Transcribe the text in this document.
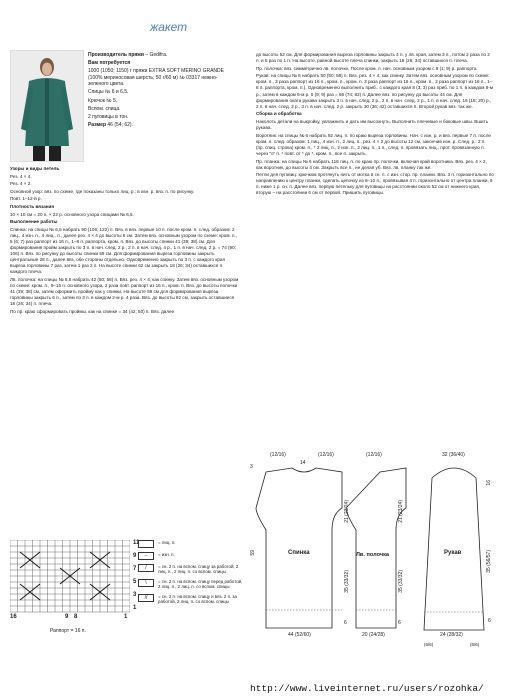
жакет

Производитель пряжи – Gedifra.

Вам потребуется

1000 (1050; 1150) г пряжи EXTRA SOFT MERINO GRANDE (100% мериносовая шерсть; 50 г/60 м) № 03317 нежно-зеленого цвета.

Спицы № 6 и 6,5.

Крючок № 5.

Вспом. спица.

2 пуговицы в тон.

Размер 46 (54; 62).

Узоры и виды петель

Рез. 4 × 4.

Рез. 4 × 2.

Основной узор: вяз. по схеме, где показаны только лиц. р.; в изн. р. вяз. п. по рисунку.

Повт. 1–12-й р.

Плотность вязания

10 × 10 см = 20 п. × 22 р. основного узора спицами № 6,5.

Выполнение работы

Спинка: на спицы № 6,5 набрать 90 (106; 122) п. Вяз. в вяз. первые 10 п. после кром. п. след. образом: 2 лиц., 4 изн. п., 4 лиц., п., далее рез. 4 × 4 до высоты 6 см. Затем вяз. основным узором по схеме: кром. п., 5 (6; 7) раз раппорт из 16 п., 1–8 п. раппорта, кром. п. Вяз. до высоты спинки 41 (39; 38) см. Для формирования пройм закрыть по 3 п. в нач. след. 2 р., 2 п. в нач. след. 4 р., 1 п. в нач. след. 2 р. = 74 (90; 106) п. Вяз. по рисунку до высоты спинки 59 см. Для формирования выреза горловины закрыть центральные 28 п., далее вяз. обе стороны отдельно. Одновременно закрыть по 3 п. с каждого края выреза горловины 7 раз, затем 1 раз 2 п. На высоте спинки 62 см закрыть 18 (26; 34) оставшихся п. каждого плеча.

Лв. полочка: на спицы № 6,5 набрать 42 (50; 58) п. Вяз. рез. 4 × 4, как спинку. Затем вяз. основным узором по схеме: кром. п., 9–16 п. основного узора, 2 раза повт. раппорт из 16 п., кром. п. Вяз. до высоты полочки 41 (39; 38) см, затем оформить пройму как у спинки. На высоте 59 см для формирования выреза горловины закрыть 6 п., затем по 3 п. в каждом 2-м р. 4 раза. Вяз. до высоты 62 см, закрыть оставшиеся 18 (26; 34) п. плеча.

По пр. краю сформировать проймы, как на спинке = 34 (42; 50) п. Вяз. далее

до высоты 52 см. Для формирования выреза горловины закрыть 4 п. у лв. края, затем 3 п., потом 2 раза по 2 п. и 5 раз по 1 п. На высоте, равной высоте плеча спинки, закрыть 18 (26; 34) оставшихся п. плеча.

Пр. полочка: вяз. симметрично лв. полочке. После кром. п. нач. основным узором с 9 (1; 9) р. раппорта.

Рукав: на спицы № 6 набрать 50 (50; 58) п. Вяз. рез. 4 × 4, как спинку. Затем вяз. основным узором по схеме: кром. п., 3 раза раппорт из 16 п., кром. п., кром. п. 3 раза раппорт из 16 п., кром. п., 2 раза раппорт из 16 п., 1–8 п. раппорта, кром. п.). Одновременно выполнить приб.: с каждого края 8 (3; 3) раз приб. по 1 п. в каждом 8-м р., затем в каждом 6-м р. 0 (9; 9) раз = 66 (74; 82) п. Далее вяз. по рисунку до высоты 44 см. Для формирования оката рукава закрыть 3 п. в нач. след. 2 р., 2 п. в нач. след. 2 р., 1 п. в нач. след. 16 (18; 20) р., 2 п. в нач. след. 2 р., 3 п. в нач. след. 2 р. закрыть 30 (36; 42) оставшихся п. Второй рукав вяз. так же.

Сборка и обработка

Наколоть детали на выкройку, увлажнить и дать им высохнуть. Выполнить плечевые и боковые швы. Вшить рукава.

Воротник: на спицы № 6 набрать 92 лиц. п. по краю выреза горловины. Нач. с изн. р. и вяз. первые 7 п. после кром. п. след. образом: 1 лиц., 4 изн. п., 2 лиц. п., рез. 4 × 2 до высоты 12 см, закончив изн. р. След. р.: 2 п. (пр. спиц. строка) кром. п., * 2 лиц. п., 2 изн. п., 2 лиц. п., 1 п., след. п. провязать лиц., прот. провязанную п. через "о" п. * повт. от * до *, кром. п., все п. закрыть.

Пр. планка: на спицы № 6 набрать 116 лиц. п. по краю пр. полочки, включая край воротника. Вяз. рез. 4 × 2, как воротник, до высоты 4 см. Закрыть все п., не делая уб. Вяз. лв. планку так же.

Петли для пуговиц: крючком протянуть нить от мотка в сн. п. с изн. стор. пр. планки. Вяз. 3 п. горизонтально по направлению к центру планки, сделать цепочку из 8–10 п., провязывая 4 п. горизонтально от центра планки, 6 п. ниже 1 р. сн. п. Далее вяз. первую петельку для пуговицы на расстоянии около 52 см от нижнего края, вторую – на расстоянии 6 см от первой. Пришить пуговицы.

11
9
7
5
3
1
16	9 8	1
Раппорт = 16 п.
= лиц. п.
–	= изн. п.
/	= сн. 2 п. на вспом. спицу за работой, 2 лиц. п., 2 лиц. п. со вспом. спицы
\	= сн. 2 п. на вспом. спицу перед работой, 2 лиц. п., 2 лиц. п. со вспом. спицы
//	= сн. 2 п. на вспом. спицу и вяз. 2 п. за работой, 2 лиц. п. со вспом. спицы
Спинка
(12/16)	(12/16)
14
3
21 (23/24)
59
35 (33/32)
6
44 (52/60)
Лв. полочка
(12/16)
21 (23/24)
35 (33/32)
6
20 (24/28)
Рукав
32 (36/40)
16
35 (56/57)
6
24 (28/32)
(6/6)	(6/6)
http://www.liveinternet.ru/users/rozohka/
